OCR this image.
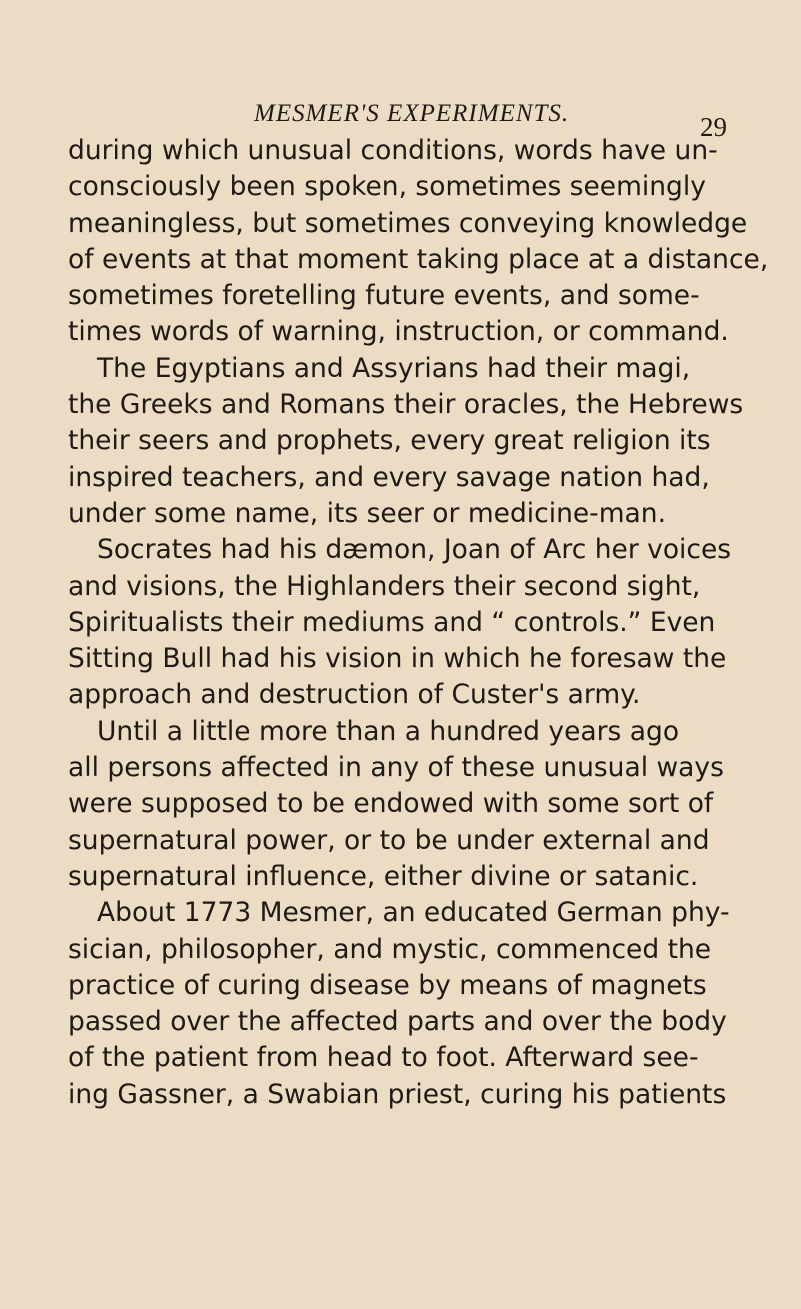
MESMER'S EXPERIMENTS.	29
during which unusual conditions, words have un-
consciously been spoken, sometimes seemingly
meaningless, but sometimes conveying knowledge
of events at that moment taking place at a distance,
sometimes foretelling future events, and some-
times words of warning, instruction, or command.
The Egyptians and Assyrians had their magi,
the Greeks and Romans their oracles, the Hebrews
their seers and prophets, every great religion its
inspired teachers, and every savage nation had,
under some name, its seer or medicine-man.
Socrates had his dæmon, Joan of Arc her voices
and visions, the Highlanders their second sight,
Spiritualists their mediums and “ controls.” Even
Sitting Bull had his vision in which he foresaw the
approach and destruction of Custer's army.
Until a little more than a hundred years ago
all persons affected in any of these unusual ways
were supposed to be endowed with some sort of
supernatural power, or to be under external and
supernatural influence, either divine or satanic.
About 1773 Mesmer, an educated German phy-
sician, philosopher, and mystic, commenced the
practice of curing disease by means of magnets
passed over the affected parts and over the body
of the patient from head to foot. Afterward see-
ing Gassner, a Swabian priest, curing his patients
